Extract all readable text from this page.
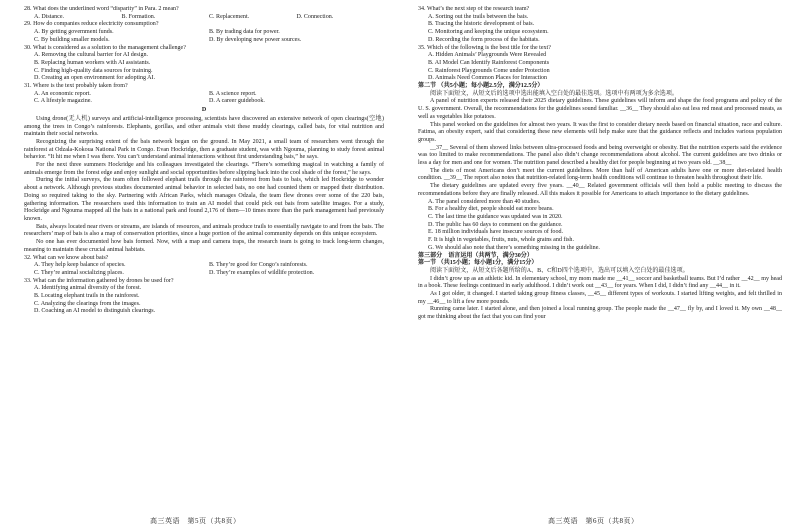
28. What does the underlined word “disparity” in Para. 2 mean?

A. Distance.	B. Formation.	C. Replacement.	D. Connection.

29. How do companies reduce electricity consumption?

A. By getting government funds.	B. By trading data for power.
C. By building smaller models.	D. By developing new power sources.

30. What is considered as a solution to the management challenge?

A. Removing the cultural barrier for AI design.

B. Replacing human workers with AI assistants.

C. Finding high-quality data sources for training.

D. Creating an open environment for adopting AI.

31. Where is the text probably taken from?

A. An economic report.	B. A science report.
C. A lifestyle magazine.	D. A career guidebook.

D

Using drone(无人机) surveys and artificial-intelligence processing, scientists have discovered an extensive network of open clearings(空地) among the trees in Congo’s rainforests. Elephants, gorillas, and other animals visit these muddy clearings, called bais, for vital nutrition and maintain their social networks.

Recognizing the surprising extent of the bais network began on the ground. In May 2021, a small team of researchers went through the rainforest at Odzala-Kokoua National Park in Congo. Evan Hockridge, then a graduate student, was with Ngouma, planning to study forest animal behavior. “It hit me when I was there. You can’t understand animal interactions without first understanding bais,” he says.

For the next three summers Hockridge and his colleagues investigated the clearings. “There’s something magical in watching a family of animals emerge from the forest edge and enjoy sunlight and social opportunities before slipping back into the cool shade of the forest,” he says.

During the initial surveys, the team often followed elephant trails through the rainforest from bais to bais, which led Hockridge to wonder about a network. Although previous studies documented animal behavior in selected bais, no one had counted them or mapped their distribution. Doing so required taking to the sky. Partnering with African Parks, which manages Odzala, the team flew drones over some of the 220 bais, gathering information. The researchers used this information to train an AI model that could pick out bais from satellite images. For a study, Hockridge and Ngouma mapped all the bais in a national park and found 2,176 of them—10 times more than the park management had previously known.

Bais, always located near rivers or streams, are islands of resources, and animals produce trails to essentially navigate to and from the bais. The researchers’ map of bais is also a map of conservation priorities, since a huge portion of the animal community depends on this unique ecosystem.

No one has ever documented how bais formed. Now, with a map and camera traps, the research team is going to track long-term changes, meaning to maintain these crucial animal habitats.

32. What can we know about bais?

A. They help keep balance of species.	B. They’re good for Congo’s rainforests.
C. They’re animal socializing places.	D. They’re examples of wildlife protection.

33. What can the information gathered by drones be used for?

A. Identifying animal diversity of the forest.

B. Locating elephant trails in the rainforest.

C. Analyzing the clearings from the images.

D. Coaching an AI model to distinguish clearings.

34. What’s the next step of the research team?

A. Sorting out the trails between the bais.

B. Tracing the historic development of bais.

C. Monitoring and keeping the unique ecosystem.

D. Recording the form process of the habitats.

35. Which of the following is the best title for the text?

A. Hidden Animals’ Playgrounds Were Revealed

B. AI Model Can Identify Rainforest Components

C. Rainforest Playgrounds Come under Protection

D. Animals Need Common Places for Interaction

第二节 （共5小题；每小题2.5分，满分12.5分）

阅读下面短文，从短文后的选项中选出能填入空白处的最佳选项。选项中有两项为多余选项。

A panel of nutrition experts released their 2025 dietary guidelines. These guidelines will inform and shape the food programs and policy of the U. S. government. Overall, the recommendations for the guidelines sound familiar. __36__ They should also eat less red meat and processed meats, as well as vegetables like potatoes.

This panel worked on the guidelines for almost two years. It was the first to consider dietary needs based on financial situation, race and culture. Fatima, an obesity expert, said that considering these new elements will help make sure that the guidance reflects and includes various population groups.

__37__ Several of them showed links between ultra-processed foods and being overweight or obesity. But the nutrition experts said the evidence was too limited to make recommendations. The panel also didn’t change recommendations about alcohol. The current guidelines are two drinks or less a day for men and one for women. The nutrition panel described a healthy diet for people beginning at two years old. __38__

The diets of most Americans don’t meet the current guidelines. More than half of American adults have one or more diet-related health condition. __39__ The report also notes that nutrition-related long-term health conditions will continue to threaten health throughout their life.

The dietary guidelines are updated every five years. __40__ Related government officials will then hold a public meeting to discuss the recommendations before they are finally released. All this makes it possible for Americans to attach importance to the dietary guidelines.

A. The panel considered more than 40 studies.

B. For a healthy diet, people should eat more beans.

C. The last time the guidance was updated was in 2020.

D. The public has 60 days to comment on the guidance.

E. 18 million individuals have insecure sources of food.

F. It is high in vegetables, fruits, nuts, whole grains and fish.

G. We should also note that there’s something missing in the guideline.

第三部分　语言运用（共两节，满分30分）

第一节 （共15小题；每小题1分，满分15分）

阅读下面短文，从短文后各题所给的A、B、C和D四个选项中，选出可以填入空白处的最佳选项。

I didn’t grow up as an athletic kid. In elementary school, my mom made me __41__ soccer and basketball teams. But I’d rather __42__ my head in a book. These feelings continued in early adulthood. I didn’t work out __43__ for years. When I did, I didn’t find any __44__ in it.

As I got older, it changed. I started taking group fitness classes, __45__ different types of workouts. I started lifting weights, and felt thrilled in my __46__ to lift a few more pounds.

Running came later. I started alone, and then joined a local running group. The people made the __47__ fly by, and I loved it. My own __48__ got me thinking about the fact that you can find your

高三英语　第5页（共8页）	高三英语　第6页（共8页）
